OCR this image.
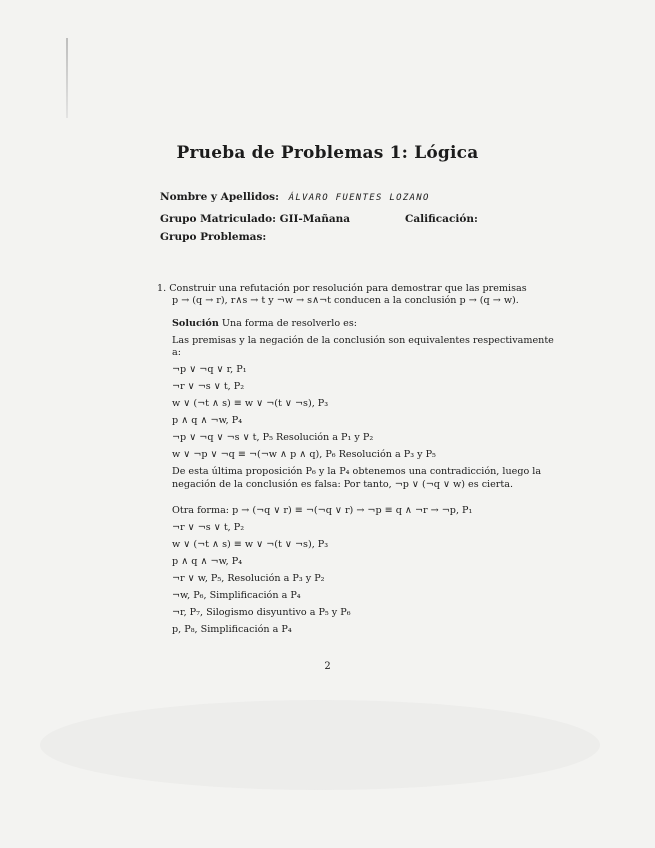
Prueba de Problemas 1: Lógica
Nombre y Apellidos: ÁLVARO FUENTES LOZANO
Grupo Matriculado: GII-Mañana	Calificación:
Grupo Problemas:
1. Construir una refutación por resolución para demostrar que las premisas
p → (q → r), r∧s → t y ¬w → s∧¬t conducen a la conclusión p → (q → w).
Solución Una forma de resolverlo es:
Las premisas y la negación de la conclusión son equivalentes respectivamente
a:
¬p ∨ ¬q ∨ r, P₁
¬r ∨ ¬s ∨ t, P₂
w ∨ (¬t ∧ s) ≡ w ∨ ¬(t ∨ ¬s), P₃
p ∧ q ∧ ¬w, P₄
¬p ∨ ¬q ∨ ¬s ∨ t, P₅ Resolución a P₁ y P₂
w ∨ ¬p ∨ ¬q ≡ ¬(¬w ∧ p ∧ q), P₆ Resolución a P₃ y P₅
De esta última proposición P₆ y la P₄ obtenemos una contradicción, luego la
negación de la conclusión es falsa: Por tanto, ¬p ∨ (¬q ∨ w) es cierta.
Otra forma: p → (¬q ∨ r) ≡ ¬(¬q ∨ r) → ¬p ≡ q ∧ ¬r → ¬p, P₁
¬r ∨ ¬s ∨ t, P₂
w ∨ (¬t ∧ s) ≡ w ∨ ¬(t ∨ ¬s), P₃
p ∧ q ∧ ¬w, P₄
¬r ∨ w, P₅, Resolución a P₃ y P₂
¬w, P₆, Simplificación a P₄
¬r, P₇, Silogismo disyuntivo a P₅ y P₆
p, P₈, Simplificación a P₄
2
